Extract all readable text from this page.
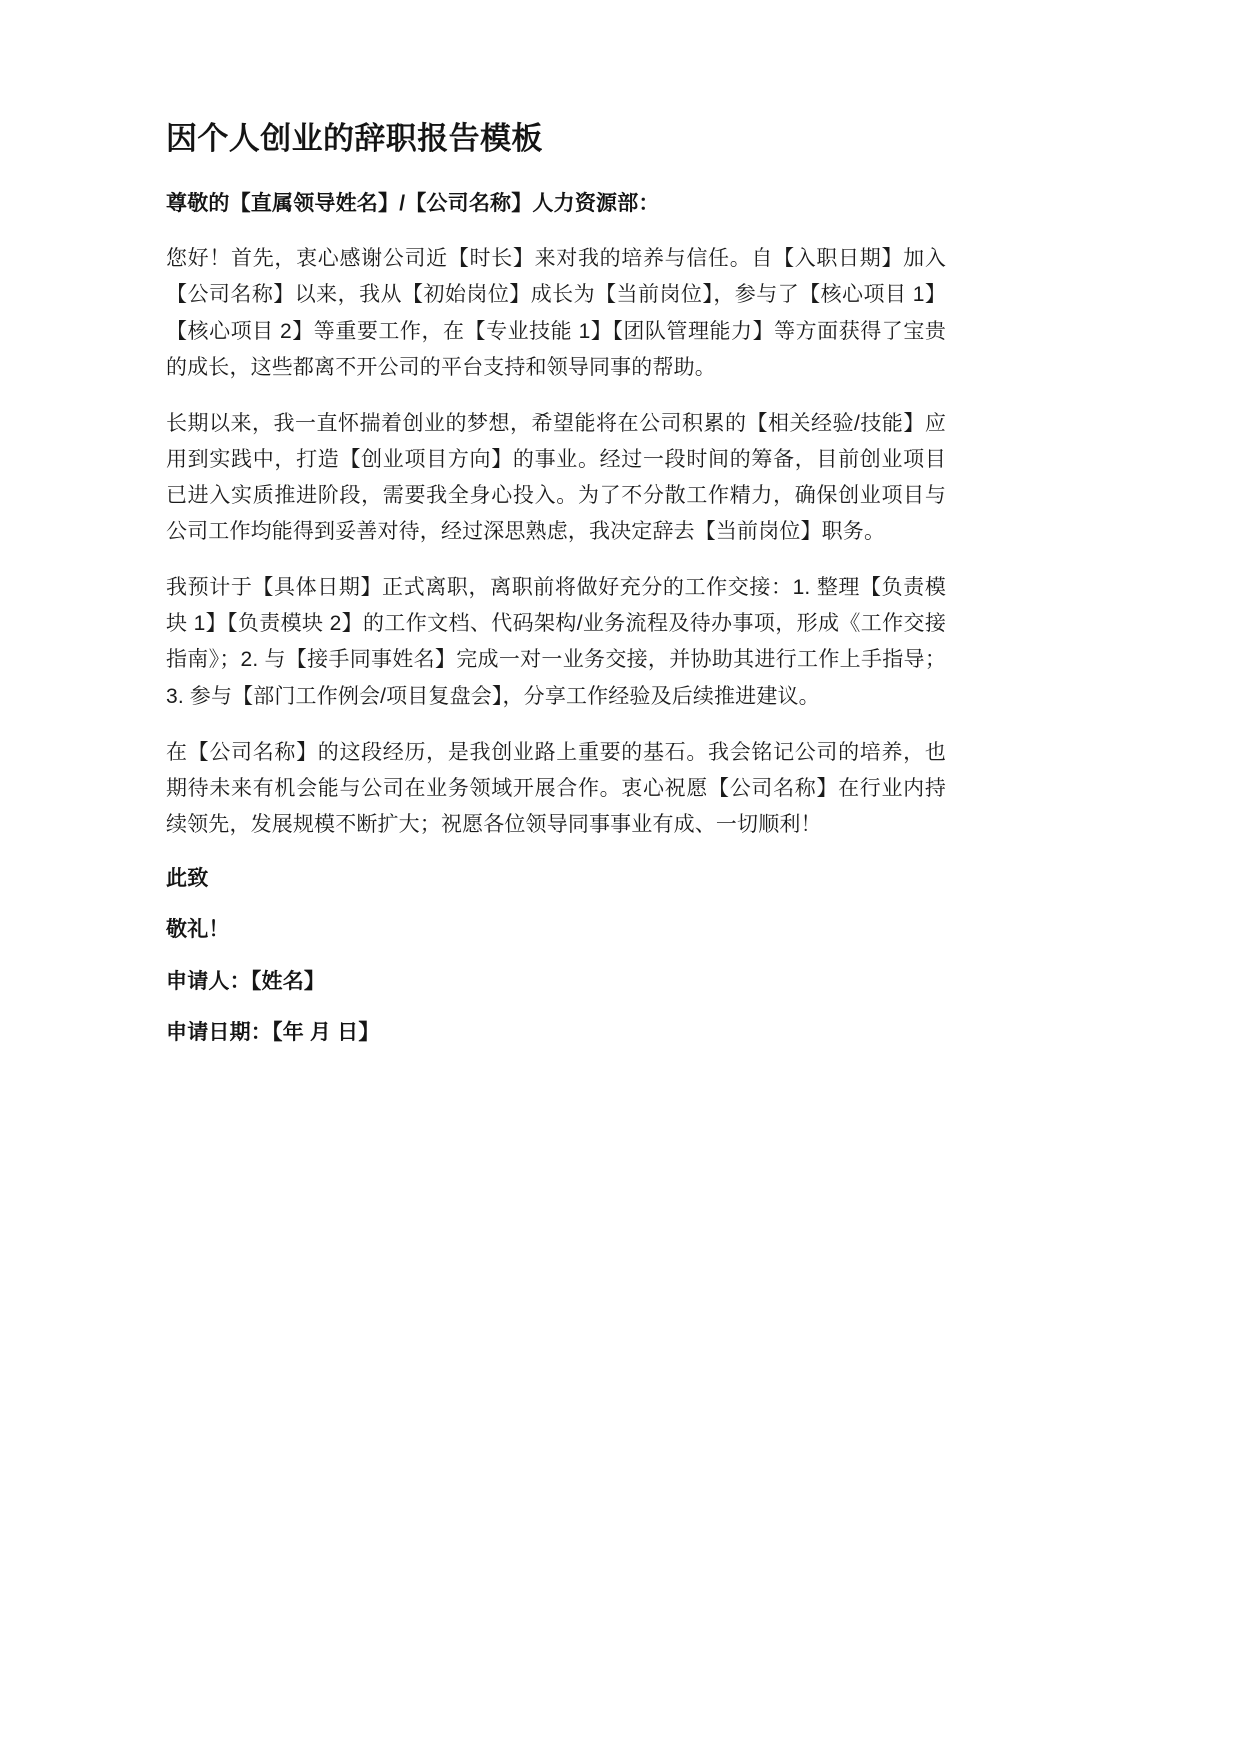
因个人创业的辞职报告模板

尊敬的【直属领导姓名】/【公司名称】人力资源部：

您好！首先，衷心感谢公司近【时长】来对我的培养与信任。自【入职日期】加入【公司名称】以来，我从【初始岗位】成长为【当前岗位】，参与了【核心项目 1】【核心项目 2】等重要工作，在【专业技能 1】【团队管理能力】等方面获得了宝贵的成长，这些都离不开公司的平台支持和领导同事的帮助。

长期以来，我一直怀揣着创业的梦想，希望能将在公司积累的【相关经验/技能】应用到实践中，打造【创业项目方向】的事业。经过一段时间的筹备，目前创业项目已进入实质推进阶段，需要我全身心投入。为了不分散工作精力，确保创业项目与公司工作均能得到妥善对待，经过深思熟虑，我决定辞去【当前岗位】职务。

我预计于【具体日期】正式离职，离职前将做好充分的工作交接：1. 整理【负责模块 1】【负责模块 2】的工作文档、代码架构/业务流程及待办事项，形成《工作交接指南》；2. 与【接手同事姓名】完成一对一业务交接，并协助其进行工作上手指导；3. 参与【部门工作例会/项目复盘会】，分享工作经验及后续推进建议。

在【公司名称】的这段经历，是我创业路上重要的基石。我会铭记公司的培养，也期待未来有机会能与公司在业务领域开展合作。衷心祝愿【公司名称】在行业内持续领先，发展规模不断扩大；祝愿各位领导同事事业有成、一切顺利！

此致

敬礼！

申请人：【姓名】

申请日期：【年 月 日】
